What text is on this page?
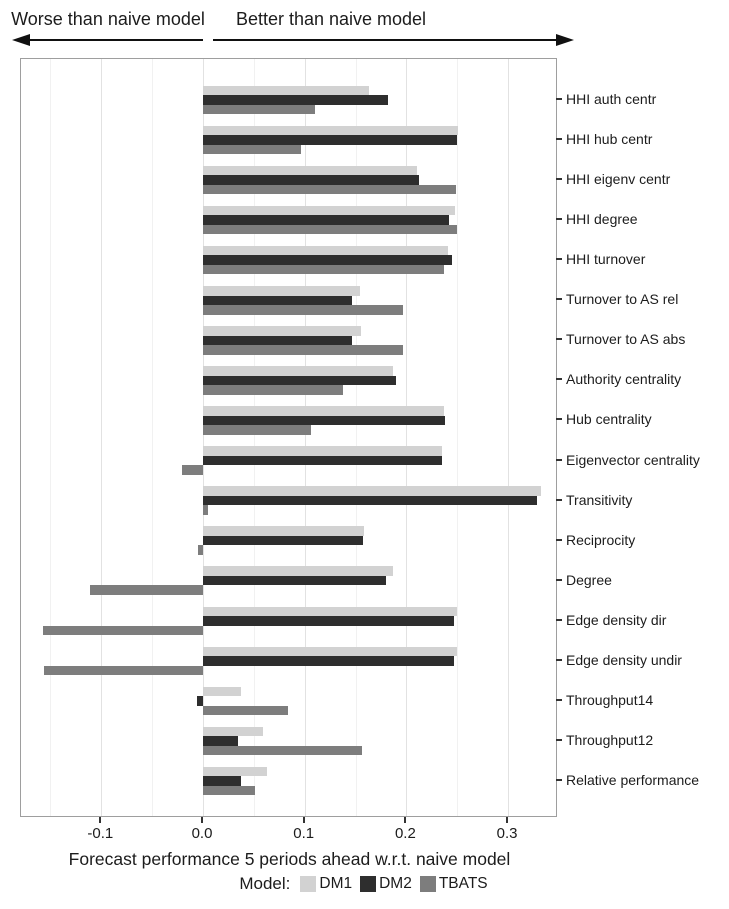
Worse than naive model	Better than naive model
HHI auth centr
HHI hub centr
HHI eigenv centr
HHI degree
HHI turnover
Turnover to AS rel
Turnover to AS abs
Authority centrality
Hub centrality
Eigenvector centrality
Transitivity
Reciprocity
Degree
Edge density dir
Edge density undir
Throughput14
Throughput12
Relative performance
-0.1	0.0	0.1	0.2	0.3
Forecast performance 5 periods ahead w.r.t. naive model
Model: DM1 DM2 TBATS
